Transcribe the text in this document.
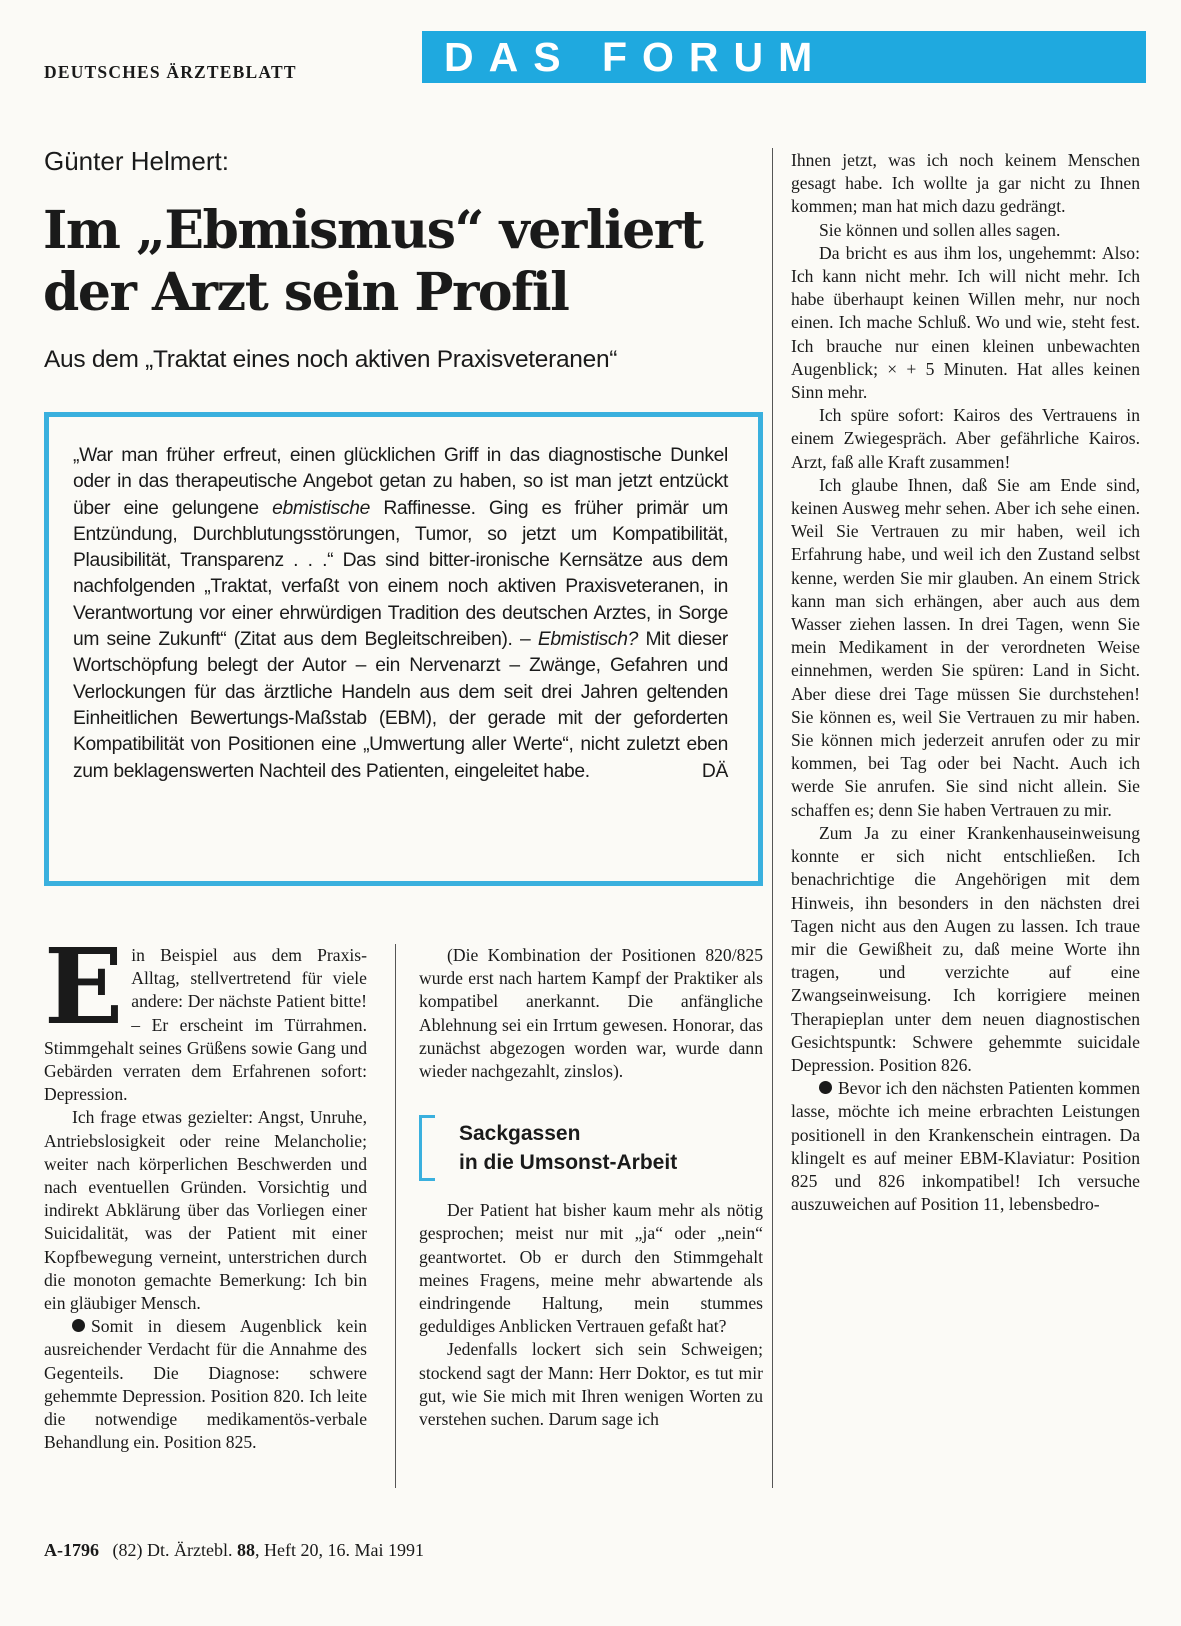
DEUTSCHES ÄRZTEBLATT	DAS FORUM
Günter Helmert:
Im „Ebmismus“ verliert
der Arzt sein Profil
Aus dem „Traktat eines noch aktiven Praxisveteranen“

„War man früher erfreut, einen glücklichen Griff in das diagnostische Dunkel oder in das therapeutische Angebot getan zu haben, so ist man jetzt entzückt über eine gelungene ebmistische Raffinesse. Ging es früher primär um Entzündung, Durchblutungsstörungen, Tumor, so jetzt um Kompatibilität, Plausibilität, Transparenz . . .“ Das sind bitter-ironische Kernsätze aus dem nachfolgenden „Traktat, verfaßt von einem noch aktiven Praxisveteranen, in Verantwortung vor einer ehrwürdigen Tradition des deutschen Arztes, in Sorge um seine Zukunft“ (Zitat aus dem Begleitschreiben). – Ebmistisch? Mit dieser Wortschöpfung belegt der Autor – ein Nervenarzt – Zwänge, Gefahren und Verlockungen für das ärztliche Handeln aus dem seit drei Jahren geltenden Einheitlichen Bewertungs-Maßstab (EBM), der gerade mit der geforderten Kompatibilität von Positionen eine „Umwertung aller Werte“, nicht zuletzt eben zum beklagenswerten Nachteil des Patienten, eingeleitet habe.	DÄ

Ein Beispiel aus dem Praxis-Alltag, stellvertretend für viele andere: Der nächste Patient bitte! – Er erscheint im Türrahmen. Stimmgehalt seines Grüßens sowie Gang und Gebärden verraten dem Erfahrenen sofort: Depression.

Ich frage etwas gezielter: Angst, Unruhe, Antriebslosigkeit oder reine Melancholie; weiter nach körperlichen Beschwerden und nach eventuellen Gründen. Vorsichtig und indirekt Abklärung über das Vorliegen einer Suicidalität, was der Patient mit einer Kopfbewegung verneint, unterstrichen durch die monoton gemachte Bemerkung: Ich bin ein gläubiger Mensch.

Somit in diesem Augenblick kein ausreichender Verdacht für die Annahme des Gegenteils. Die Diagnose: schwere gehemmte Depression. Position 820. Ich leite die notwendige medikamentös-verbale Behandlung ein. Position 825.

(Die Kombination der Positionen 820/825 wurde erst nach hartem Kampf der Praktiker als kompatibel anerkannt. Die anfängliche Ablehnung sei ein Irrtum gewesen. Honorar, das zunächst abgezogen worden war, wurde dann wieder nachgezahlt, zinslos).

Sackgassen
in die Umsonst-Arbeit

Der Patient hat bisher kaum mehr als nötig gesprochen; meist nur mit „ja“ oder „nein“ geantwortet. Ob er durch den Stimmgehalt meines Fragens, meine mehr abwartende als eindringende Haltung, mein stummes geduldiges Anblicken Vertrauen gefaßt hat?

Jedenfalls lockert sich sein Schweigen; stockend sagt der Mann: Herr Doktor, es tut mir gut, wie Sie mich mit Ihren wenigen Worten zu verstehen suchen. Darum sage ich

Ihnen jetzt, was ich noch keinem Menschen gesagt habe. Ich wollte ja gar nicht zu Ihnen kommen; man hat mich dazu gedrängt.

Sie können und sollen alles sagen.

Da bricht es aus ihm los, ungehemmt: Also: Ich kann nicht mehr. Ich will nicht mehr. Ich habe überhaupt keinen Willen mehr, nur noch einen. Ich mache Schluß. Wo und wie, steht fest. Ich brauche nur einen kleinen unbewachten Augenblick; × + 5 Minuten. Hat alles keinen Sinn mehr.

Ich spüre sofort: Kairos des Vertrauens in einem Zwiegespräch. Aber gefährliche Kairos. Arzt, faß alle Kraft zusammen!

Ich glaube Ihnen, daß Sie am Ende sind, keinen Ausweg mehr sehen. Aber ich sehe einen. Weil Sie Vertrauen zu mir haben, weil ich Erfahrung habe, und weil ich den Zustand selbst kenne, werden Sie mir glauben. An einem Strick kann man sich erhängen, aber auch aus dem Wasser ziehen lassen. In drei Tagen, wenn Sie mein Medikament in der verordneten Weise einnehmen, werden Sie spüren: Land in Sicht. Aber diese drei Tage müssen Sie durchstehen! Sie können es, weil Sie Vertrauen zu mir haben. Sie können mich jederzeit anrufen oder zu mir kommen, bei Tag oder bei Nacht. Auch ich werde Sie anrufen. Sie sind nicht allein. Sie schaffen es; denn Sie haben Vertrauen zu mir.

Zum Ja zu einer Krankenhauseinweisung konnte er sich nicht entschließen. Ich benachrichtige die Angehörigen mit dem Hinweis, ihn besonders in den nächsten drei Tagen nicht aus den Augen zu lassen. Ich traue mir die Gewißheit zu, daß meine Worte ihn tragen, und verzichte auf eine Zwangseinweisung. Ich korrigiere meinen Therapieplan unter dem neuen diagnostischen Gesichtspuntk: Schwere gehemmte suicidale Depression. Position 826.

Bevor ich den nächsten Patienten kommen lasse, möchte ich meine erbrachten Leistungen positionell in den Krankenschein eintragen. Da klingelt es auf meiner EBM-Klaviatur: Position 825 und 826 inkompatibel! Ich versuche auszuweichen auf Position 11, lebensbedro-

A-1796 (82) Dt. Ärztebl. 88, Heft 20, 16. Mai 1991
